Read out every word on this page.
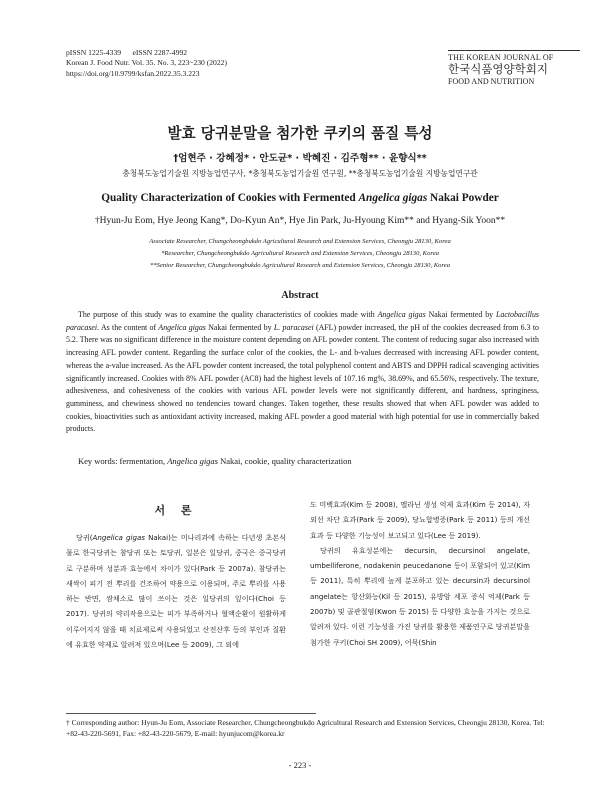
pISSN 1225-4339      eISSN 2287-4992
Korean J. Food Nutr. Vol. 35. No. 3, 223~230 (2022)
https://doi.org/10.9799/ksfan.2022.35.3.223
THE KOREAN JOURNAL OF
한국식품영양학회지
FOOD AND NUTRITION
발효 당귀분말을 첨가한 쿠키의 품질 특성
†엄현주 · 강혜정* · 안도균* · 박혜진 · 김주형** · 윤향식**
충청북도농업기술원 지방농업연구사, *충청북도농업기술원 연구원, **충청북도농업기술원 지방농업연구관
Quality Characterization of Cookies with Fermented Angelica gigas Nakai Powder
†Hyun-Ju Eom, Hye Jeong Kang*, Do-Kyun An*, Hye Jin Park, Ju-Hyoung Kim** and Hyang-Sik Yoon**
Associate Researcher, Chungcheongbukdo Agricultural Research and Extension Services, Cheongju 28130, Korea
*Researcher, Chungcheongbukdo Agricultural Research and Extension Services, Cheongju 28130, Korea
**Senior Researcher, Chungcheongbukdo Agricultural Research and Extension Services, Cheongju 28130, Korea
Abstract

The purpose of this study was to examine the quality characteristics of cookies made with Angelica gigas Nakai fermented by Lactobacillus paracasei. As the content of Angelica gigas Nakai fermented by L. paracasei (AFL) powder increased, the pH of the cookies decreased from 6.3 to 5.2. There was no significant difference in the moisture content depending on AFL powder content. The content of reducing sugar also increased with increasing AFL powder content. Regarding the surface color of the cookies, the L- and b-values decreased with increasing AFL powder content, whereas the a-value increased. As the AFL powder content increased, the total polyphenol content and ABTS and DPPH radical scavenging activities significantly increased. Cookies with 8% AFL powder (AC8) had the highest levels of 107.16 mg%, 38.69%, and 65.56%, respectively. The texture, adhesiveness, and cohesiveness of the cookies with various AFL powder levels were not significantly different, and hardness, springiness, gumminess, and chewiness showed no tendencies toward changes. Taken together, these results showed that when AFL powder was added to cookies, bioactivities such as antioxidant activity increased, making AFL powder a good material with high potential for use in commercially baked products.

Key words: fermentation, Angelica gigas Nakai, cookie, quality characterization
서 론

당귀(Angelica gigas Nakai)는 미나리과에 속하는 다년생 초본식물로 한국당귀는 참당귀 또는 토당귀, 일본은 일당귀, 중국은 중국당귀로 구분하며 성분과 효능에서 차이가 있다(Park 등 2007a). 참당귀는 새싹이 피기 전 뿌리를 건조하여 약용으로 이용되며, 주로 뿌리를 사용하는 반면, 쌈채소로 많이 쓰이는 것은 일당귀의 잎이다(Choi 등 2017). 당귀의 약리작용으로는 피가 부족하거나 혈액순환이 원활하게 이루어지지 않을 때 치료제로써 사용되었고 산전산후 등의 부인과 질환에 유효한 약제로 알려져 있으며(Lee 등 2009), 그 외에

도 미백효과(Kim 등 2008), 멜라닌 생성 억제 효과(Kim 등 2014), 자외선 차단 효과(Park 등 2009), 당뇨합병증(Park 등 2011) 등의 개선효과 등 다양한 기능성이 보고되고 있다(Lee 등 2019).
당귀의 유효성분에는 decursin, decursinol angelate, umbelliferone, nodakenin peucedanone 등이 포함되어 있고(Kim 등 2011), 특히 뿌리에 높게 분포하고 있는 decursin과 decursinol angelate는 항산화능(Kil 등 2015), 유방암 세포 증식 억제(Park 등 2007b) 및 골관절염(Kwon 등 2015) 등 다양한 효능을 가지는 것으로 알려져 있다. 이런 기능성을 가진 당귀를 활용한 제품연구로 당귀분말을 첨가한 쿠키(Choi SH 2009), 어묵(Shin

† Corresponding author: Hyun-Ju Eom, Associate Researcher, Chungcheongbukdo Agricultural Research and Extension Services, Cheongju 28130, Korea. Tel: +82-43-220-5691, Fax: +82-43-220-5679, E-mail: hyunjucom@korea.kr
- 223 -
